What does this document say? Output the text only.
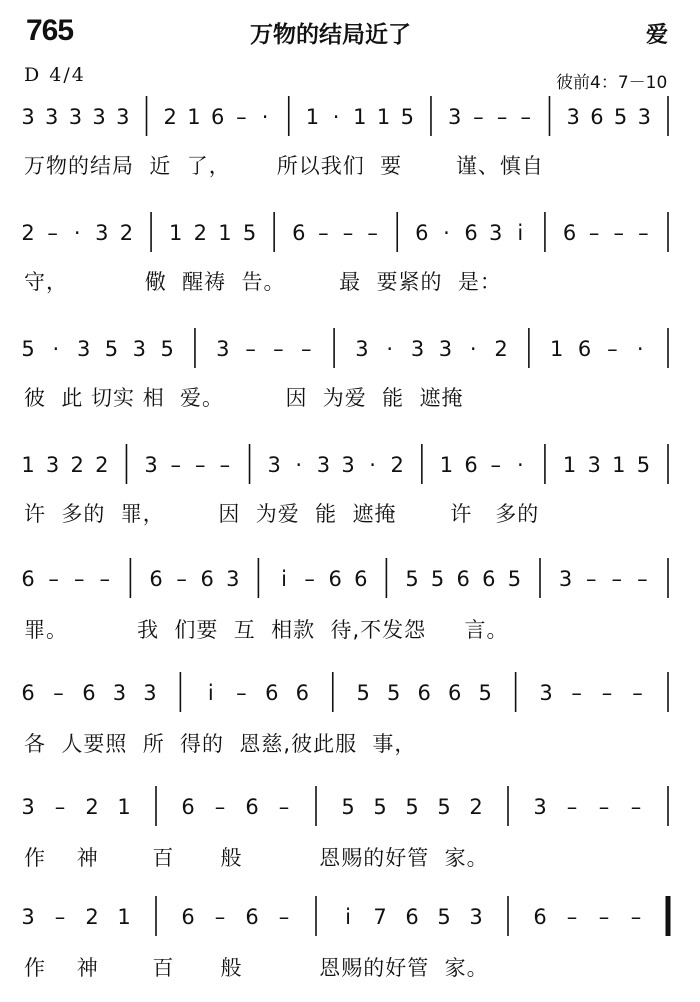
765	万物的结局近了	爱
D 4/4	彼前4：7－10
3 3 3 3 3 2 1 6 – · 1 · 1 1 5 3 – – – 3 6 5 3
2 – · 3 2 1 2 1 5 6 – – – 6 · 6 3 i 6 – – –
5 · 3 5 3 5 3 – – – 3 · 3 3 · 2 1 6 – ·
1 3 2 2 3 – – – 3 · 3 3 · 2 1 6 – · 1 3 1 5
6 – – – 6 – 6 3 i – 6 6 5 5 6 6 5 3 – – –
6 – 6 3 3 i – 6 6 5 5 6 6 5 3 – – –
3 – 2 1 6 – 6 – 5 5 5 5 2 3 – – –
3 – 2 1 6 – 6 –	i 7 6 5 3 6 – – –
万物的结局  近  了，      所以我们  要       谨、慎自
守，          儆  醒祷  告。       最  要紧的  是：
彼  此 切实 相  爱。        因  为爱  能  遮掩
许  多的  罪，       因  为爱  能  遮掩       许   多的
罪。         我  们要  互  相款  待,不发怨     言。
各  人要照  所  得的  恩慈,彼此服  事，
作    神       百      般          恩赐的好管  家。
作    神       百      般          恩赐的好管  家。
